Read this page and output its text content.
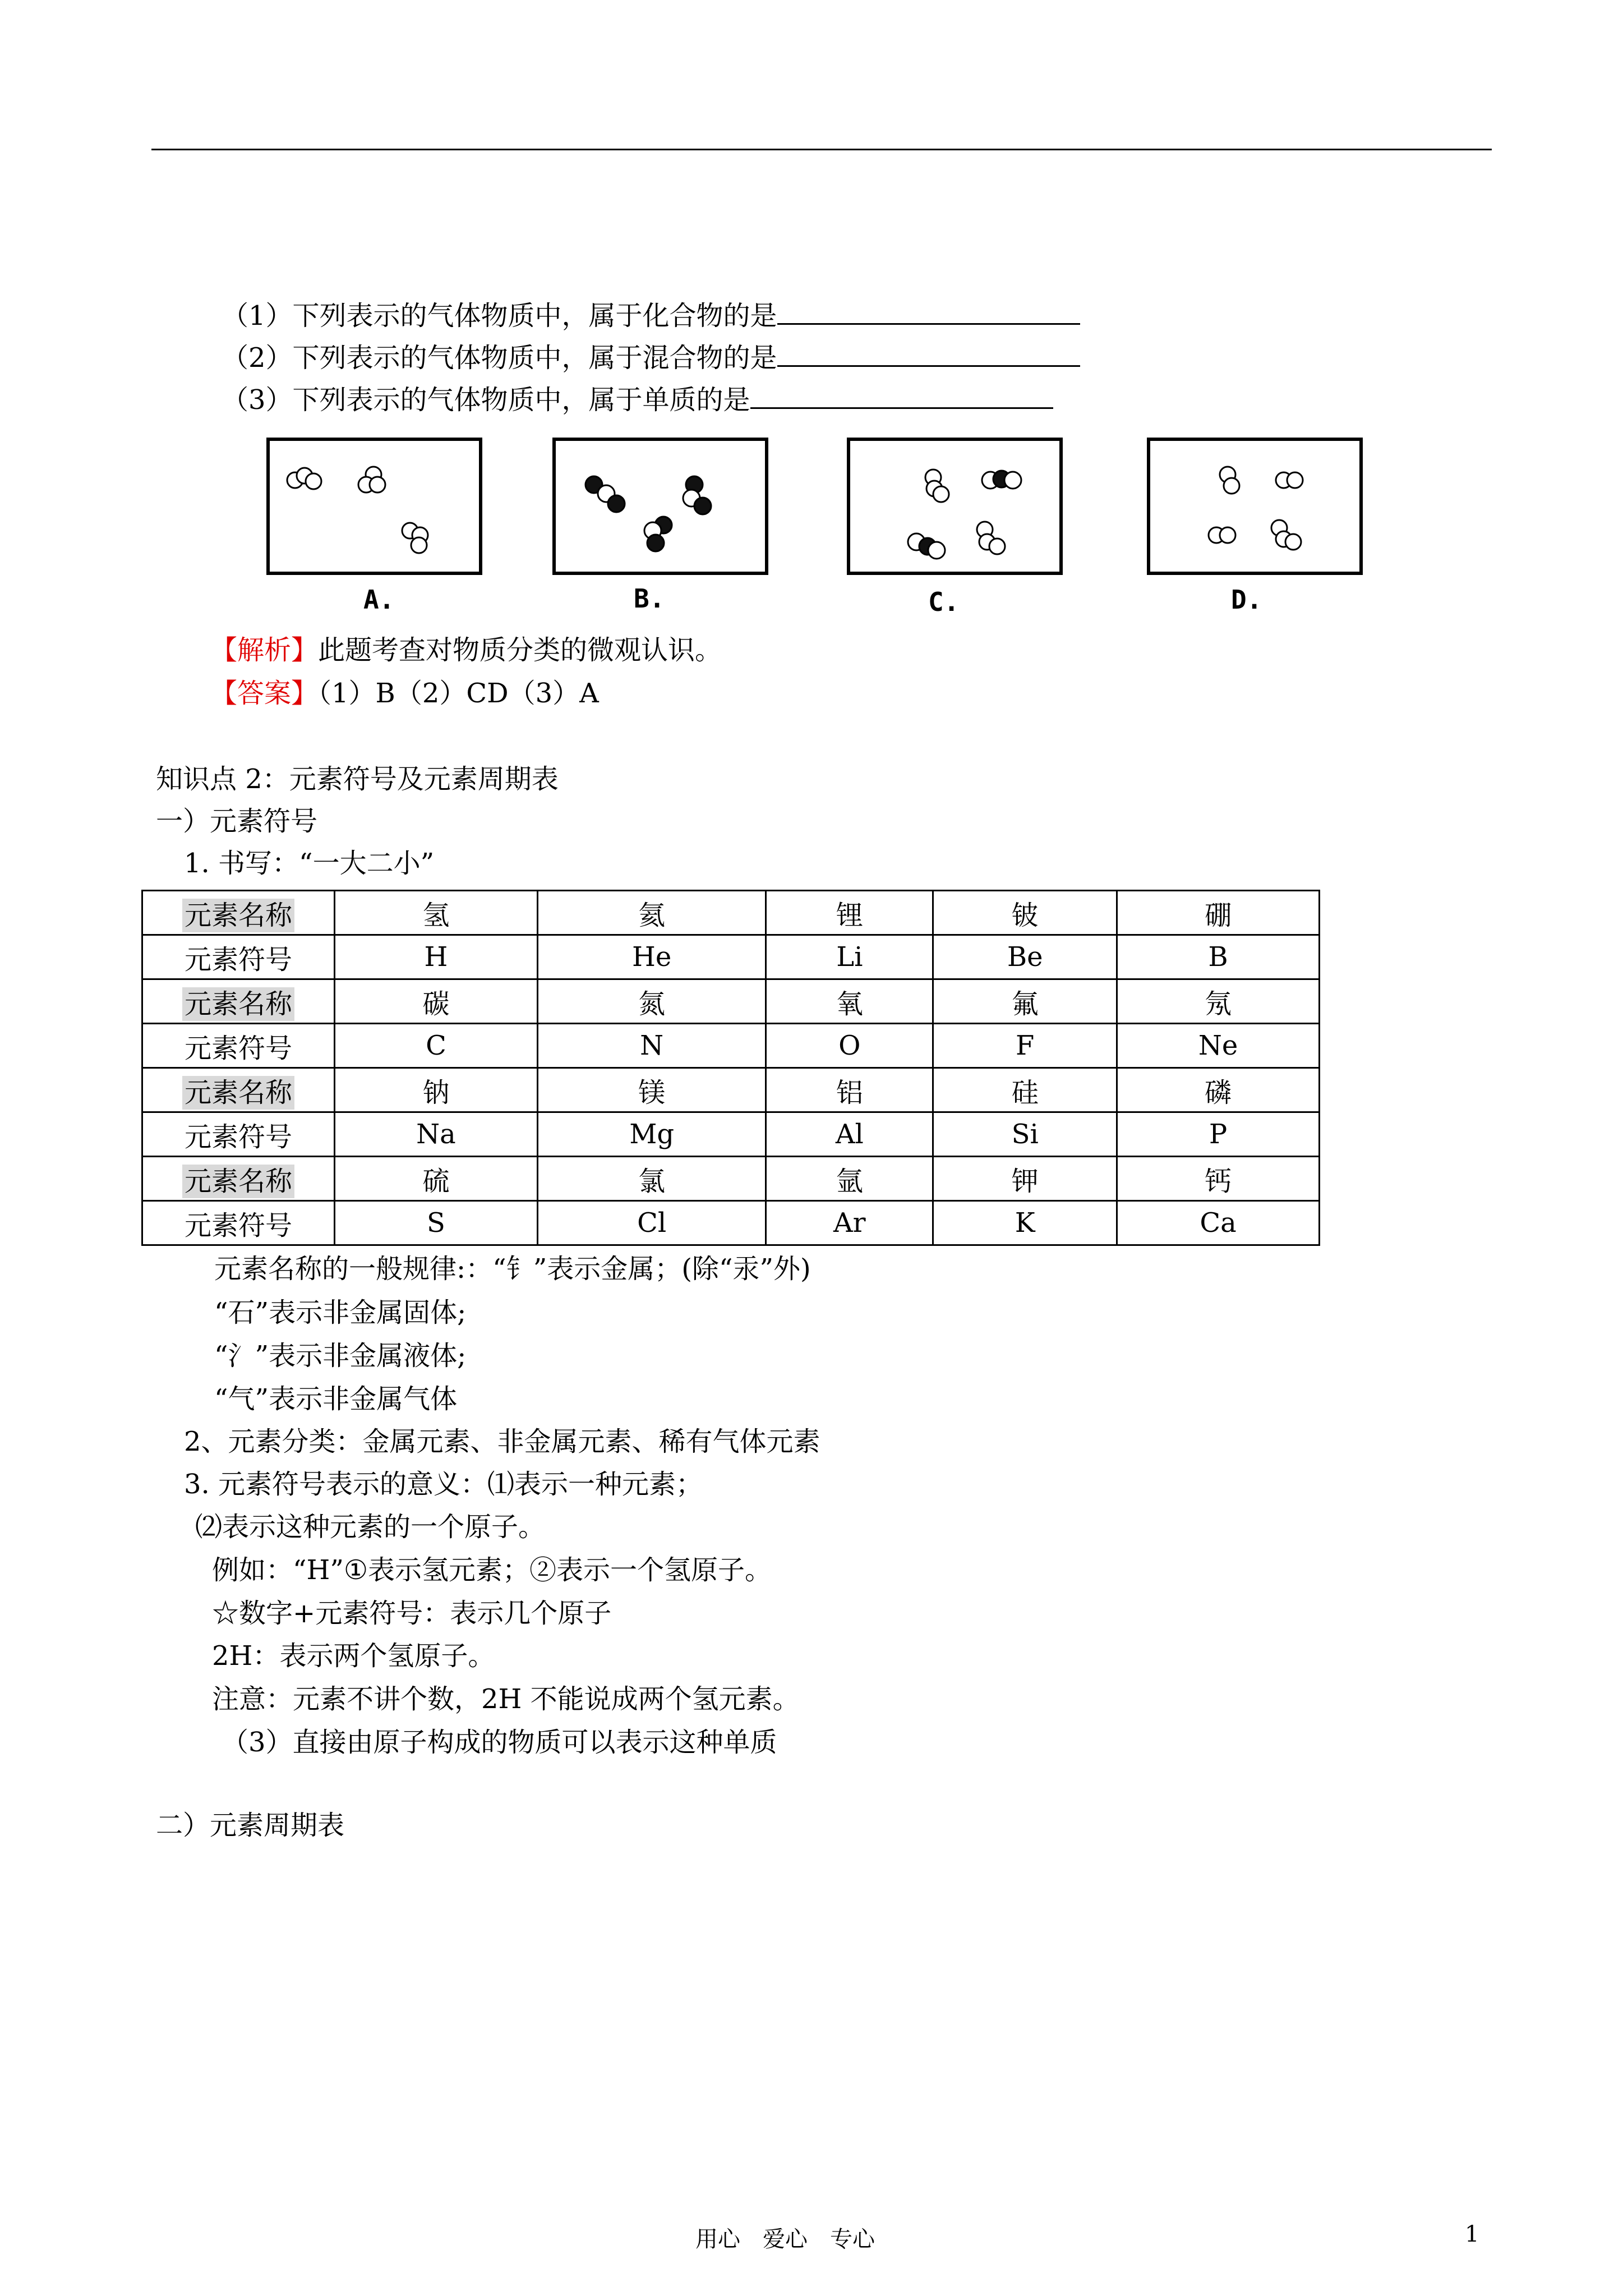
（1）下列表示的气体物质中，属于化合物的是
（2）下列表示的气体物质中，属于混合物的是
（3）下列表示的气体物质中，属于单质的是
A.	B.	C.	D.
【解析】此题考查对物质分类的微观认识。
【答案】（1）B（2）CD（3）A
知识点 2：元素符号及元素周期表
一）元素符号
1. 书写：“一大二小”
元素名称	氢	氦	锂	铍	硼
元素符号	H	He	Li	Be	B
元素名称	碳	氮	氧	氟	氖
元素符号	C	N	O	F	Ne
元素名称	钠	镁	铝	硅	磷
元素符号	Na	Mg	Al	Si	P
元素名称	硫	氯	氩	钾	钙
元素符号	S	Cl	Ar	K	Ca
元素名称的一般规律:：“钅”表示金属；(除“汞”外)
“石”表示非金属固体;
“氵”表示非金属液体;
“气”表示非金属气体
2、元素分类：金属元素、非金属元素、稀有气体元素
3. 元素符号表示的意义：⑴表示一种元素；
⑵表示这种元素的一个原子。
例如：“H”①表示氢元素；②表示一个氢原子。
☆数字+元素符号：表示几个原子
2H：表示两个氢原子。
注意：元素不讲个数，2H 不能说成两个氢元素。
（3）直接由原子构成的物质可以表示这种单质
二）元素周期表
用心　爱心　专心	1
